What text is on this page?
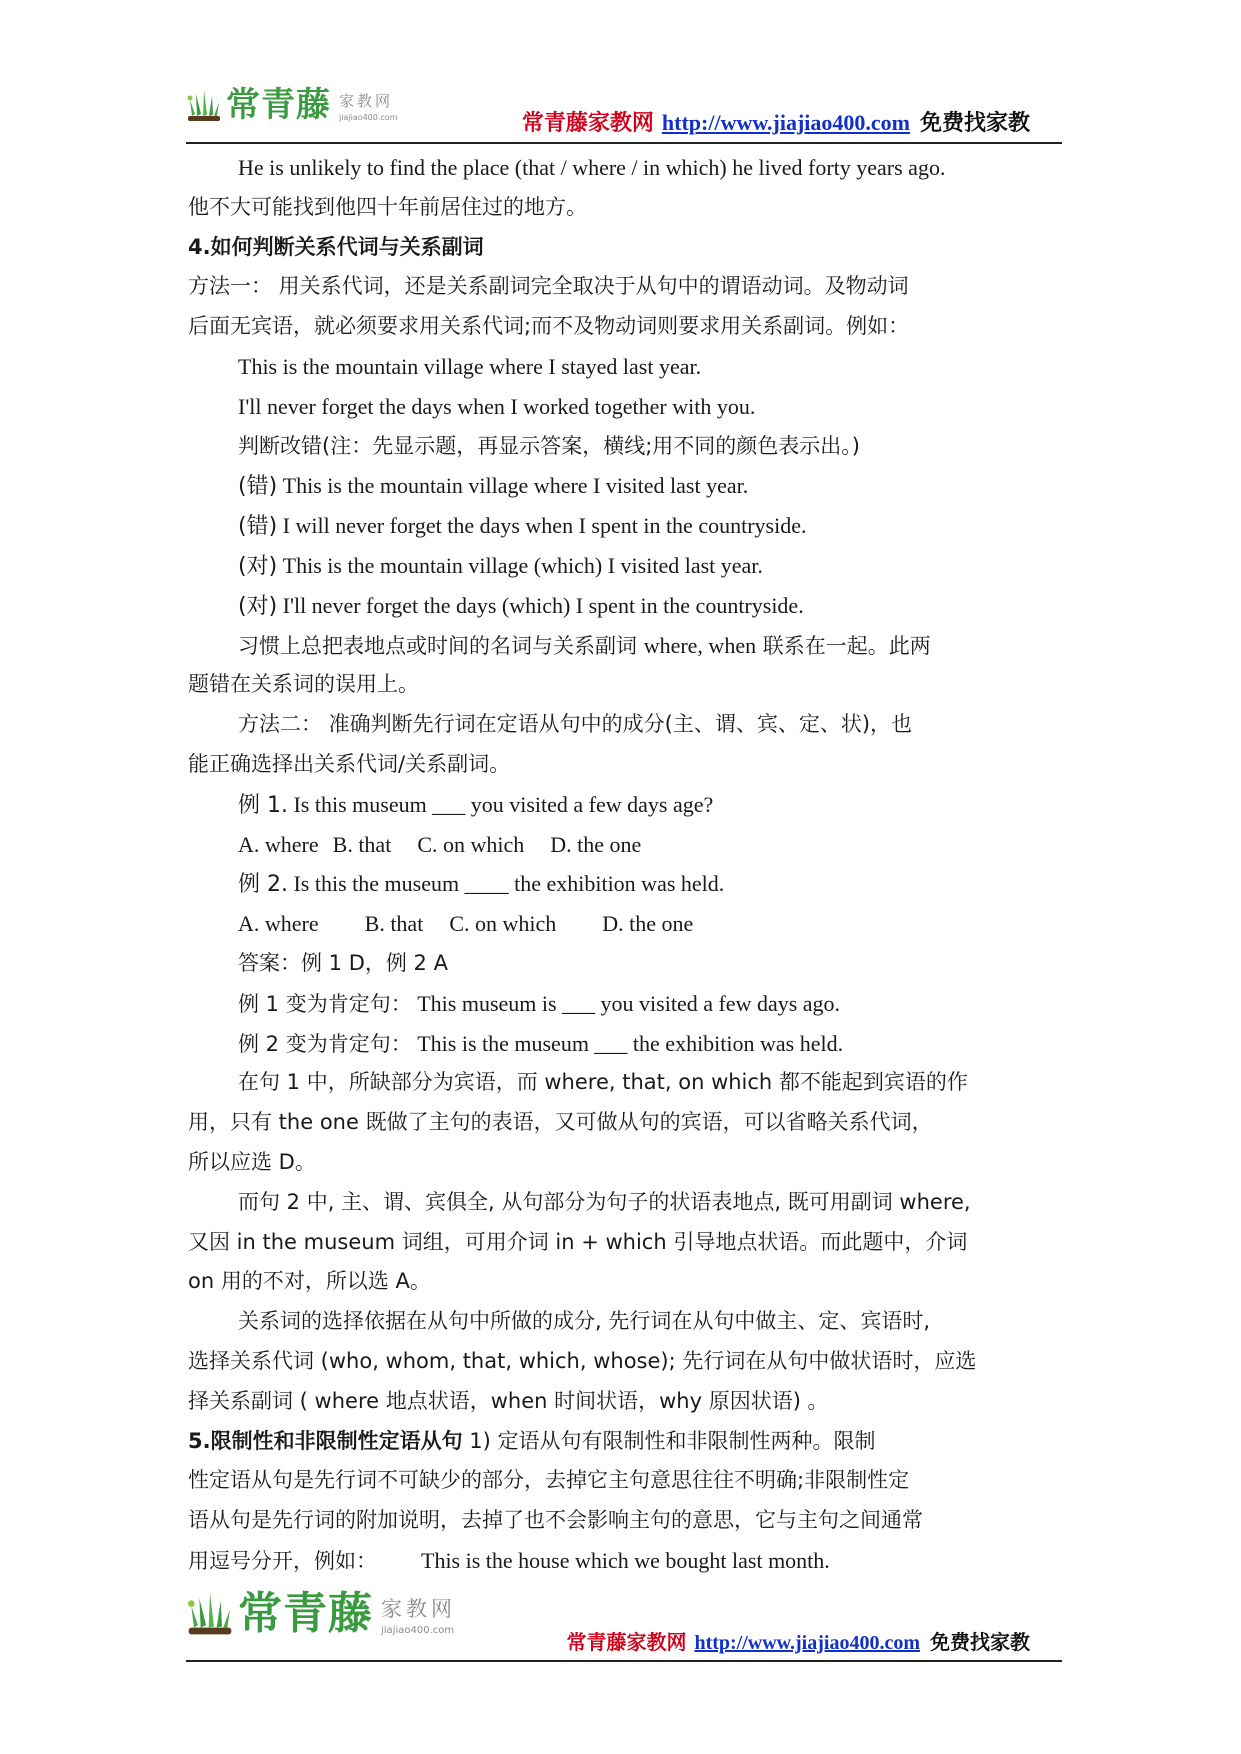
常青藤 家教网
jiajiao400.com	常青藤家教网 http://www.jiajiao400.com 免费找家教
He is unlikely to find the place (that / where / in which) he lived forty years ago.
他不大可能找到他四十年前居住过的地方。
4.如何判断关系代词与关系副词
方法一： 用关系代词，还是关系副词完全取决于从句中的谓语动词。及物动词
后面无宾语，就必须要求用关系代词;而不及物动词则要求用关系副词。例如：
This is the mountain village where I stayed last year.
I'll never forget the days when I worked together with you.
判断改错(注：先显示题，再显示答案，横线;用不同的颜色表示出。)
(错) This is the mountain village where I visited last year.
(错) I will never forget the days when I spent in the countryside.
(对) This is the mountain village (which) I visited last year.
(对) I'll never forget the days (which) I spent in the countryside.
习惯上总把表地点或时间的名词与关系副词 where, when 联系在一起。此两
题错在关系词的误用上。
方法二： 准确判断先行词在定语从句中的成分(主、谓、宾、定、状)，也
能正确选择出关系代词/关系副词。
例 1. Is this museum ___ you visited a few days age?
A. where B. that C. on which D. the one
例 2. Is this the museum ____ the exhibition was held.
A. where B. that C. on which D. the one
答案：例 1 D，例 2 A
例 1 变为肯定句： This museum is ___ you visited a few days ago.
例 2 变为肯定句： This is the museum ___ the exhibition was held.
在句 1 中，所缺部分为宾语，而 where, that, on which 都不能起到宾语的作
用，只有 the one 既做了主句的表语，又可做从句的宾语，可以省略关系代词，
所以应选 D。
而句 2 中, 主、谓、宾俱全, 从句部分为句子的状语表地点, 既可用副词 where,
又因 in the museum 词组，可用介词 in + which 引导地点状语。而此题中，介词
on 用的不对，所以选 A。
关系词的选择依据在从句中所做的成分, 先行词在从句中做主、定、宾语时,
选择关系代词 (who, whom, that, which, whose); 先行词在从句中做状语时，应选
择关系副词 ( where 地点状语，when 时间状语，why 原因状语) 。
5.限制性和非限制性定语从句 1) 定语从句有限制性和非限制性两种。限制
性定语从句是先行词不可缺少的部分，去掉它主句意思往往不明确;非限制性定
语从句是先行词的附加说明，去掉了也不会影响主句的意思，它与主句之间通常
用逗号分开，例如：        This is the house which we bought last month.
常青藤 家教网
jiajiao400.com	常青藤家教网 http://www.jiajiao400.com 免费找家教
